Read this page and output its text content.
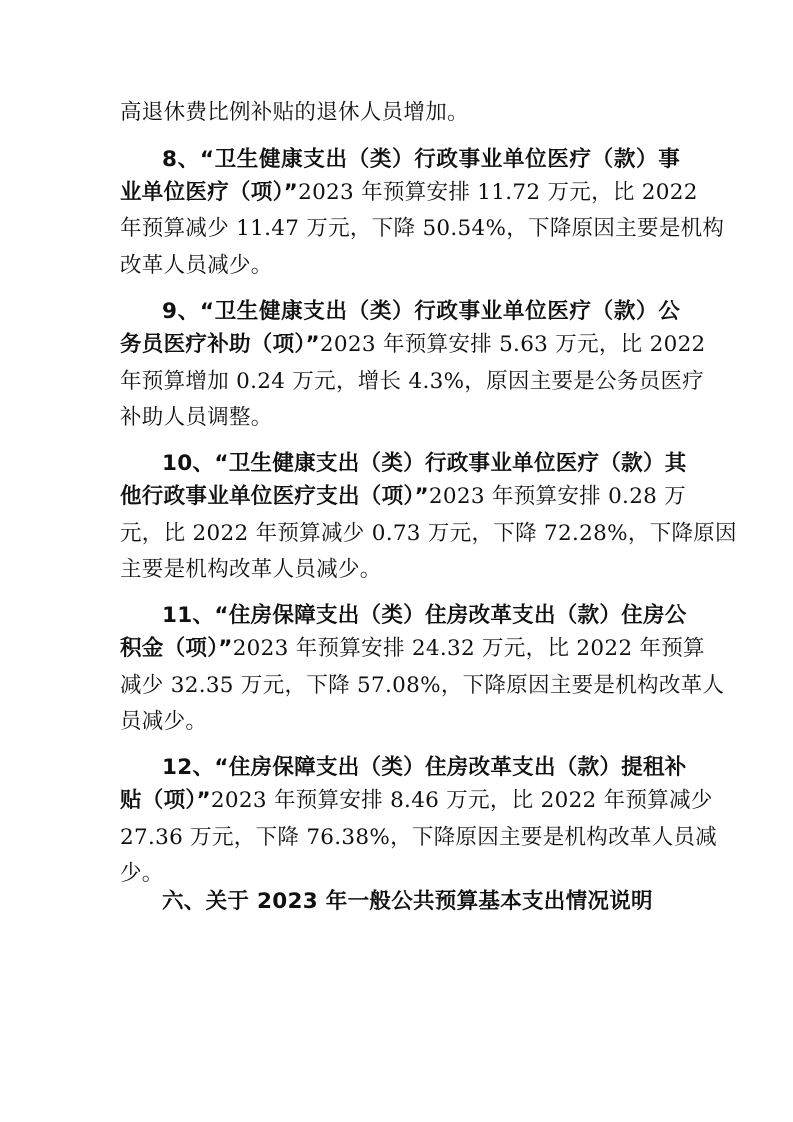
高退休费比例补贴的退休人员增加。
8、“卫生健康支出（类）行政事业单位医疗（款）事
业单位医疗（项）”2023 年预算安排 11.72 万元，比 2022
年预算减少 11.47 万元，下降 50.54%，下降原因主要是机构
改革人员减少。
9、“卫生健康支出（类）行政事业单位医疗（款）公
务员医疗补助（项）”2023 年预算安排 5.63 万元，比 2022
年预算增加 0.24 万元，增长 4.3%，原因主要是公务员医疗
补助人员调整。
10、“卫生健康支出（类）行政事业单位医疗（款）其
他行政事业单位医疗支出（项）”2023 年预算安排 0.28 万
元，比 2022 年预算减少 0.73 万元，下降 72.28%，下降原因
主要是机构改革人员减少。
11、“住房保障支出（类）住房改革支出（款）住房公
积金（项）”2023 年预算安排 24.32 万元，比 2022 年预算
减少 32.35 万元，下降 57.08%，下降原因主要是机构改革人
员减少。
12、“住房保障支出（类）住房改革支出（款）提租补
贴（项）”2023 年预算安排 8.46 万元，比 2022 年预算减少
27.36 万元，下降 76.38%，下降原因主要是机构改革人员减
少。
六、关于 2023 年一般公共预算基本支出情况说明
